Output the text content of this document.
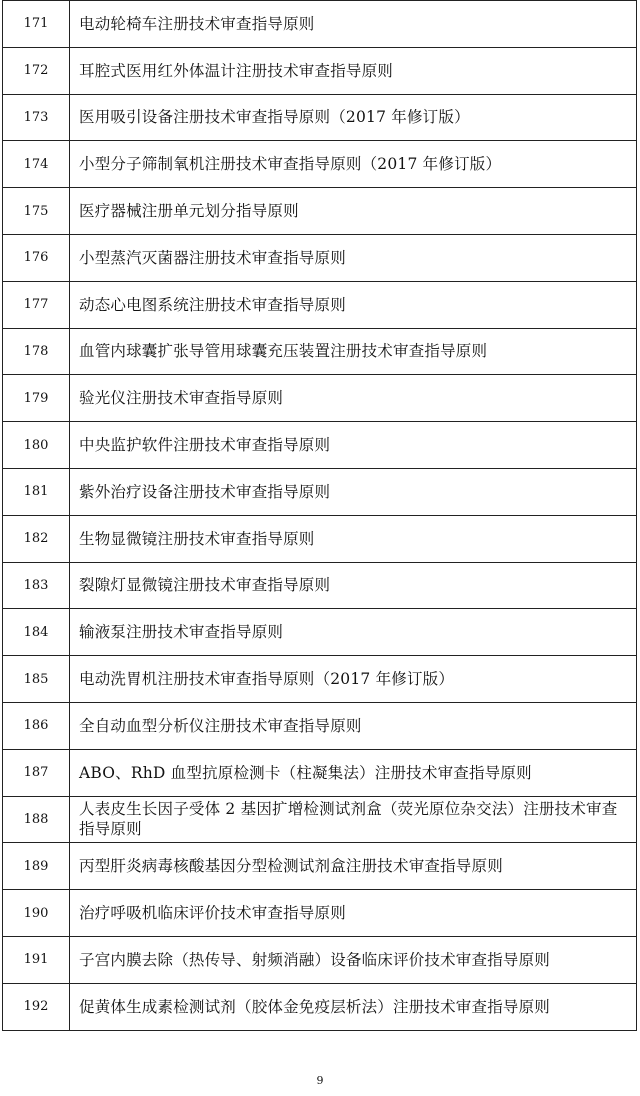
171	电动轮椅车注册技术审查指导原则
172	耳腔式医用红外体温计注册技术审查指导原则
173	医用吸引设备注册技术审查指导原则（2017 年修订版）
174	小型分子筛制氧机注册技术审查指导原则（2017 年修订版）
175	医疗器械注册单元划分指导原则
176	小型蒸汽灭菌器注册技术审查指导原则
177	动态心电图系统注册技术审查指导原则
178	血管内球囊扩张导管用球囊充压装置注册技术审查指导原则
179	验光仪注册技术审查指导原则
180	中央监护软件注册技术审查指导原则
181	紫外治疗设备注册技术审查指导原则
182	生物显微镜注册技术审查指导原则
183	裂隙灯显微镜注册技术审查指导原则
184	输液泵注册技术审查指导原则
185	电动洗胃机注册技术审查指导原则（2017 年修订版）
186	全自动血型分析仪注册技术审查指导原则
187	ABO、RhD 血型抗原检测卡（柱凝集法）注册技术审查指导原则
188	人表皮生长因子受体 2 基因扩增检测试剂盒（荧光原位杂交法）注册技术审查指导原则
189	丙型肝炎病毒核酸基因分型检测试剂盒注册技术审查指导原则
190	治疗呼吸机临床评价技术审查指导原则
191	子宫内膜去除（热传导、射频消融）设备临床评价技术审查指导原则
192	促黄体生成素检测试剂（胶体金免疫层析法）注册技术审查指导原则
9
